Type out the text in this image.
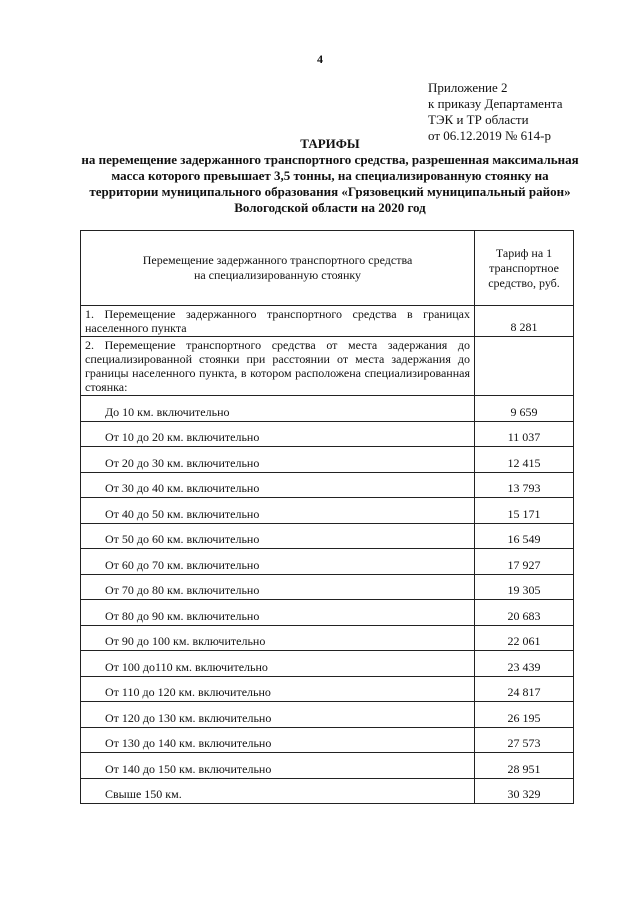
4
Приложение 2
к приказу Департамента
ТЭК и ТР области
от 06.12.2019 № 614-р
ТАРИФЫ
на перемещение задержанного транспортного средства, разрешенная максимальная
масса которого превышает 3,5 тонны, на специализированную стоянку на
территории муниципального образования «Грязовецкий муниципальный район»
Вологодской области на 2020 год
Перемещение задержанного транспортного средства на специализированную стоянку	Тариф на 1 транспортное средство, руб.
1. Перемещение задержанного транспортного средства в границах населенного пункта	8 281
2. Перемещение транспортного средства от места задержания до специализированной стоянки при расстоянии от места задержания до границы населенного пункта, в котором расположена специализированная стоянка:	
До 10 км. включительно	9 659
От 10 до 20 км. включительно	11 037
От 20 до 30 км. включительно	12 415
От 30 до 40 км. включительно	13 793
От 40 до 50 км. включительно	15 171
От 50 до 60 км. включительно	16 549
От 60 до 70 км. включительно	17 927
От 70 до 80 км. включительно	19 305
От 80 до 90 км. включительно	20 683
От 90 до 100 км. включительно	22 061
От 100 до110 км. включительно	23 439
От 110 до 120 км. включительно	24 817
От 120 до 130 км. включительно	26 195
От 130 до 140 км. включительно	27 573
От 140 до 150 км. включительно	28 951
Свыше 150 км.	30 329
